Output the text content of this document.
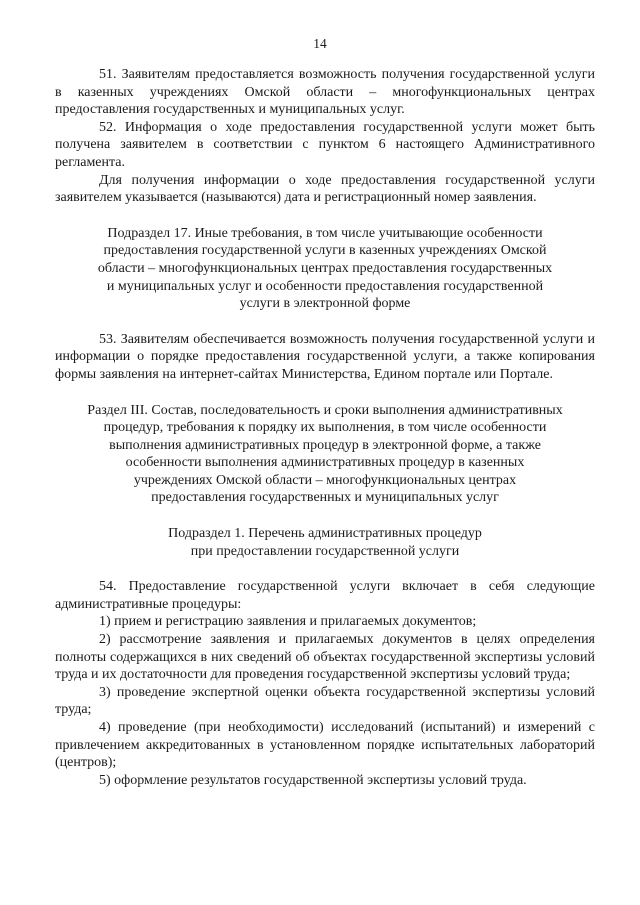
14

51. Заявителям предоставляется возможность получения государственной услуги в казенных учреждениях Омской области – многофункциональных центрах предоставления государственных и муниципальных услуг.

52. Информация о ходе предоставления государственной услуги может быть получена заявителем в соответствии с пунктом 6 настоящего Административного регламента.

Для получения информации о ходе предоставления государственной услуги заявителем указывается (называются) дата и регистрационный номер заявления.

Подраздел 17. Иные требования, в том числе учитывающие особенности
предоставления государственной услуги в казенных учреждениях Омской
области – многофункциональных центрах предоставления государственных
и муниципальных услуг и особенности предоставления государственной
услуги в электронной форме

53. Заявителям обеспечивается возможность получения государственной услуги и информации о порядке предоставления государственной услуги, а также копирования формы заявления на интернет-сайтах Министерства, Едином портале или Портале.

Раздел III. Состав, последовательность и сроки выполнения административных
процедур, требования к порядку их выполнения, в том числе особенности
выполнения административных процедур в электронной форме, а также
особенности выполнения административных процедур в казенных
учреждениях Омской области – многофункциональных центрах
предоставления государственных и муниципальных услуг
Подраздел 1. Перечень административных процедур
при предоставлении государственной услуги

54. Предоставление государственной услуги включает в себя следующие административные процедуры:

1) прием и регистрацию заявления и прилагаемых документов;

2) рассмотрение заявления и прилагаемых документов в целях определения полноты содержащихся в них сведений об объектах государственной экспертизы условий труда и их достаточности для проведения государственной экспертизы условий труда;

3) проведение экспертной оценки объекта государственной экспертизы условий труда;

4) проведение (при необходимости) исследований (испытаний) и измерений с привлечением аккредитованных в установленном порядке испытательных лабораторий (центров);

5) оформление результатов государственной экспертизы условий труда.
